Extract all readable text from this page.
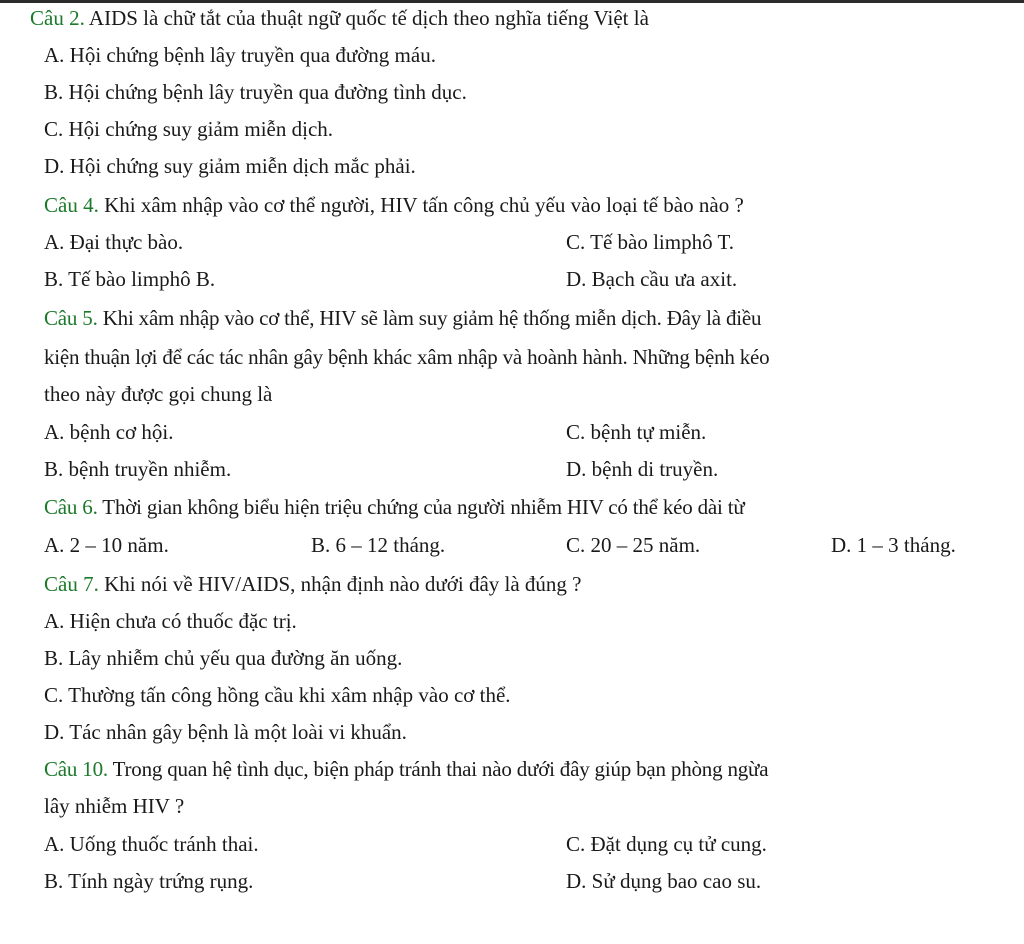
Câu 2. AIDS là chữ tắt của thuật ngữ quốc tế dịch theo nghĩa tiếng Việt là
A. Hội chứng bệnh lây truyền qua đường máu.
B. Hội chứng bệnh lây truyền qua đường tình dục.
C. Hội chứng suy giảm miễn dịch.
D. Hội chứng suy giảm miễn dịch mắc phải.
Câu 4. Khi xâm nhập vào cơ thể người, HIV tấn công chủ yếu vào loại tế bào nào ?
A. Đại thực bào.	C. Tế bào limphô T.
B. Tế bào limphô B.	D. Bạch cầu ưa axit.
Câu 5. Khi xâm nhập vào cơ thể, HIV sẽ làm suy giảm hệ thống miễn dịch. Đây là điều
kiện thuận lợi để các tác nhân gây bệnh khác xâm nhập và hoành hành. Những bệnh kéo
theo này được gọi chung là
A. bệnh cơ hội.	C. bệnh tự miễn.
B. bệnh truyền nhiễm.	D. bệnh di truyền.
Câu 6. Thời gian không biểu hiện triệu chứng của người nhiễm HIV có thể kéo dài từ
A. 2 – 10 năm.	B. 6 – 12 tháng.	C. 20 – 25 năm.	D. 1 – 3 tháng.
Câu 7. Khi nói về HIV/AIDS, nhận định nào dưới đây là đúng ?
A. Hiện chưa có thuốc đặc trị.
B. Lây nhiễm chủ yếu qua đường ăn uống.
C. Thường tấn công hồng cầu khi xâm nhập vào cơ thể.
D. Tác nhân gây bệnh là một loài vi khuẩn.
Câu 10. Trong quan hệ tình dục, biện pháp tránh thai nào dưới đây giúp bạn phòng ngừa
lây nhiễm HIV ?
A. Uống thuốc tránh thai.	C. Đặt dụng cụ tử cung.
B. Tính ngày trứng rụng.	D. Sử dụng bao cao su.
